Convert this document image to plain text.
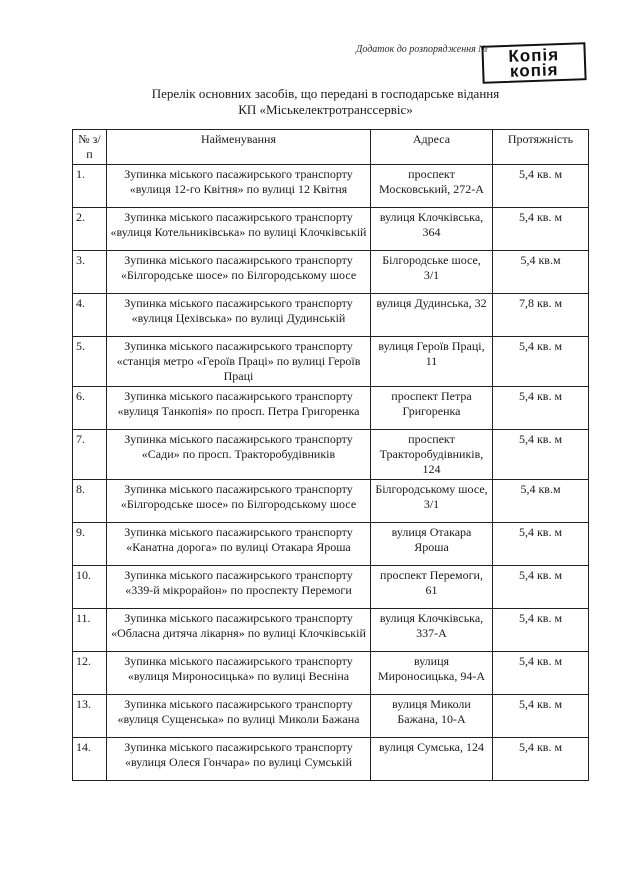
Додаток до розпорядження № Копія
копія
Перелік основних засобів, що передані в господарське відання
КП «Міськелектротранссервіс»
№ з/п	Найменування	Адреса	Протяжність
1.	Зупинка міського пасажирського транспорту «вулиця 12-го Квітня» по вулиці 12 Квітня	проспект Московський, 272-А	5,4 кв. м
2.	Зупинка міського пасажирського транспорту «вулиця Котельниківська» по вулиці Клочківській	вулиця Клочківська, 364	5,4 кв. м
3.	Зупинка міського пасажирського транспорту «Білгородське шосе» по Білгородському шосе	Білгородське шосе, 3/1	5,4 кв.м
4.	Зупинка міського пасажирського транспорту «вулиця Цехівська» по вулиці Дудинській	вулиця Дудинська, 32	7,8 кв. м
5.	Зупинка міського пасажирського транспорту «станція метро «Героїв Праці» по вулиці Героїв Праці	вулиця Героїв Праці, 11	5,4 кв. м
6.	Зупинка міського пасажирського транспорту «вулиця Танкопія» по просп. Петра Григоренка	проспект Петра Григоренка	5,4 кв. м
7.	Зупинка міського пасажирського транспорту «Сади» по просп. Тракторобудівників	проспект Тракторобудівників, 124	5,4 кв. м
8.	Зупинка міського пасажирського транспорту «Білгородське шосе» по Білгородському шосе	Білгородському шосе, 3/1	5,4 кв.м
9.	Зупинка міського пасажирського транспорту «Канатна дорога» по вулиці Отакара Яроша	вулиця Отакара Яроша	5,4 кв. м
10.	Зупинка міського пасажирського транспорту «339-й мікрорайон» по проспекту Перемоги	проспект Перемоги, 61	5,4 кв. м
11.	Зупинка міського пасажирського транспорту «Обласна дитяча лікарня» по вулиці Клочківській	вулиця Клочківська, 337-А	5,4 кв. м
12.	Зупинка міського пасажирського транспорту «вулиця Мироносицька» по вулиці Весніна	вулиця Мироносицька, 94-А	5,4 кв. м
13.	Зупинка міського пасажирського транспорту «вулиця Сущенська» по вулиці Миколи Бажана	вулиця Миколи Бажана, 10-А	5,4 кв. м
14.	Зупинка міського пасажирського транспорту «вулиця Олеся Гончара» по вулиці Сумській	вулиця Сумська, 124	5,4 кв. м
